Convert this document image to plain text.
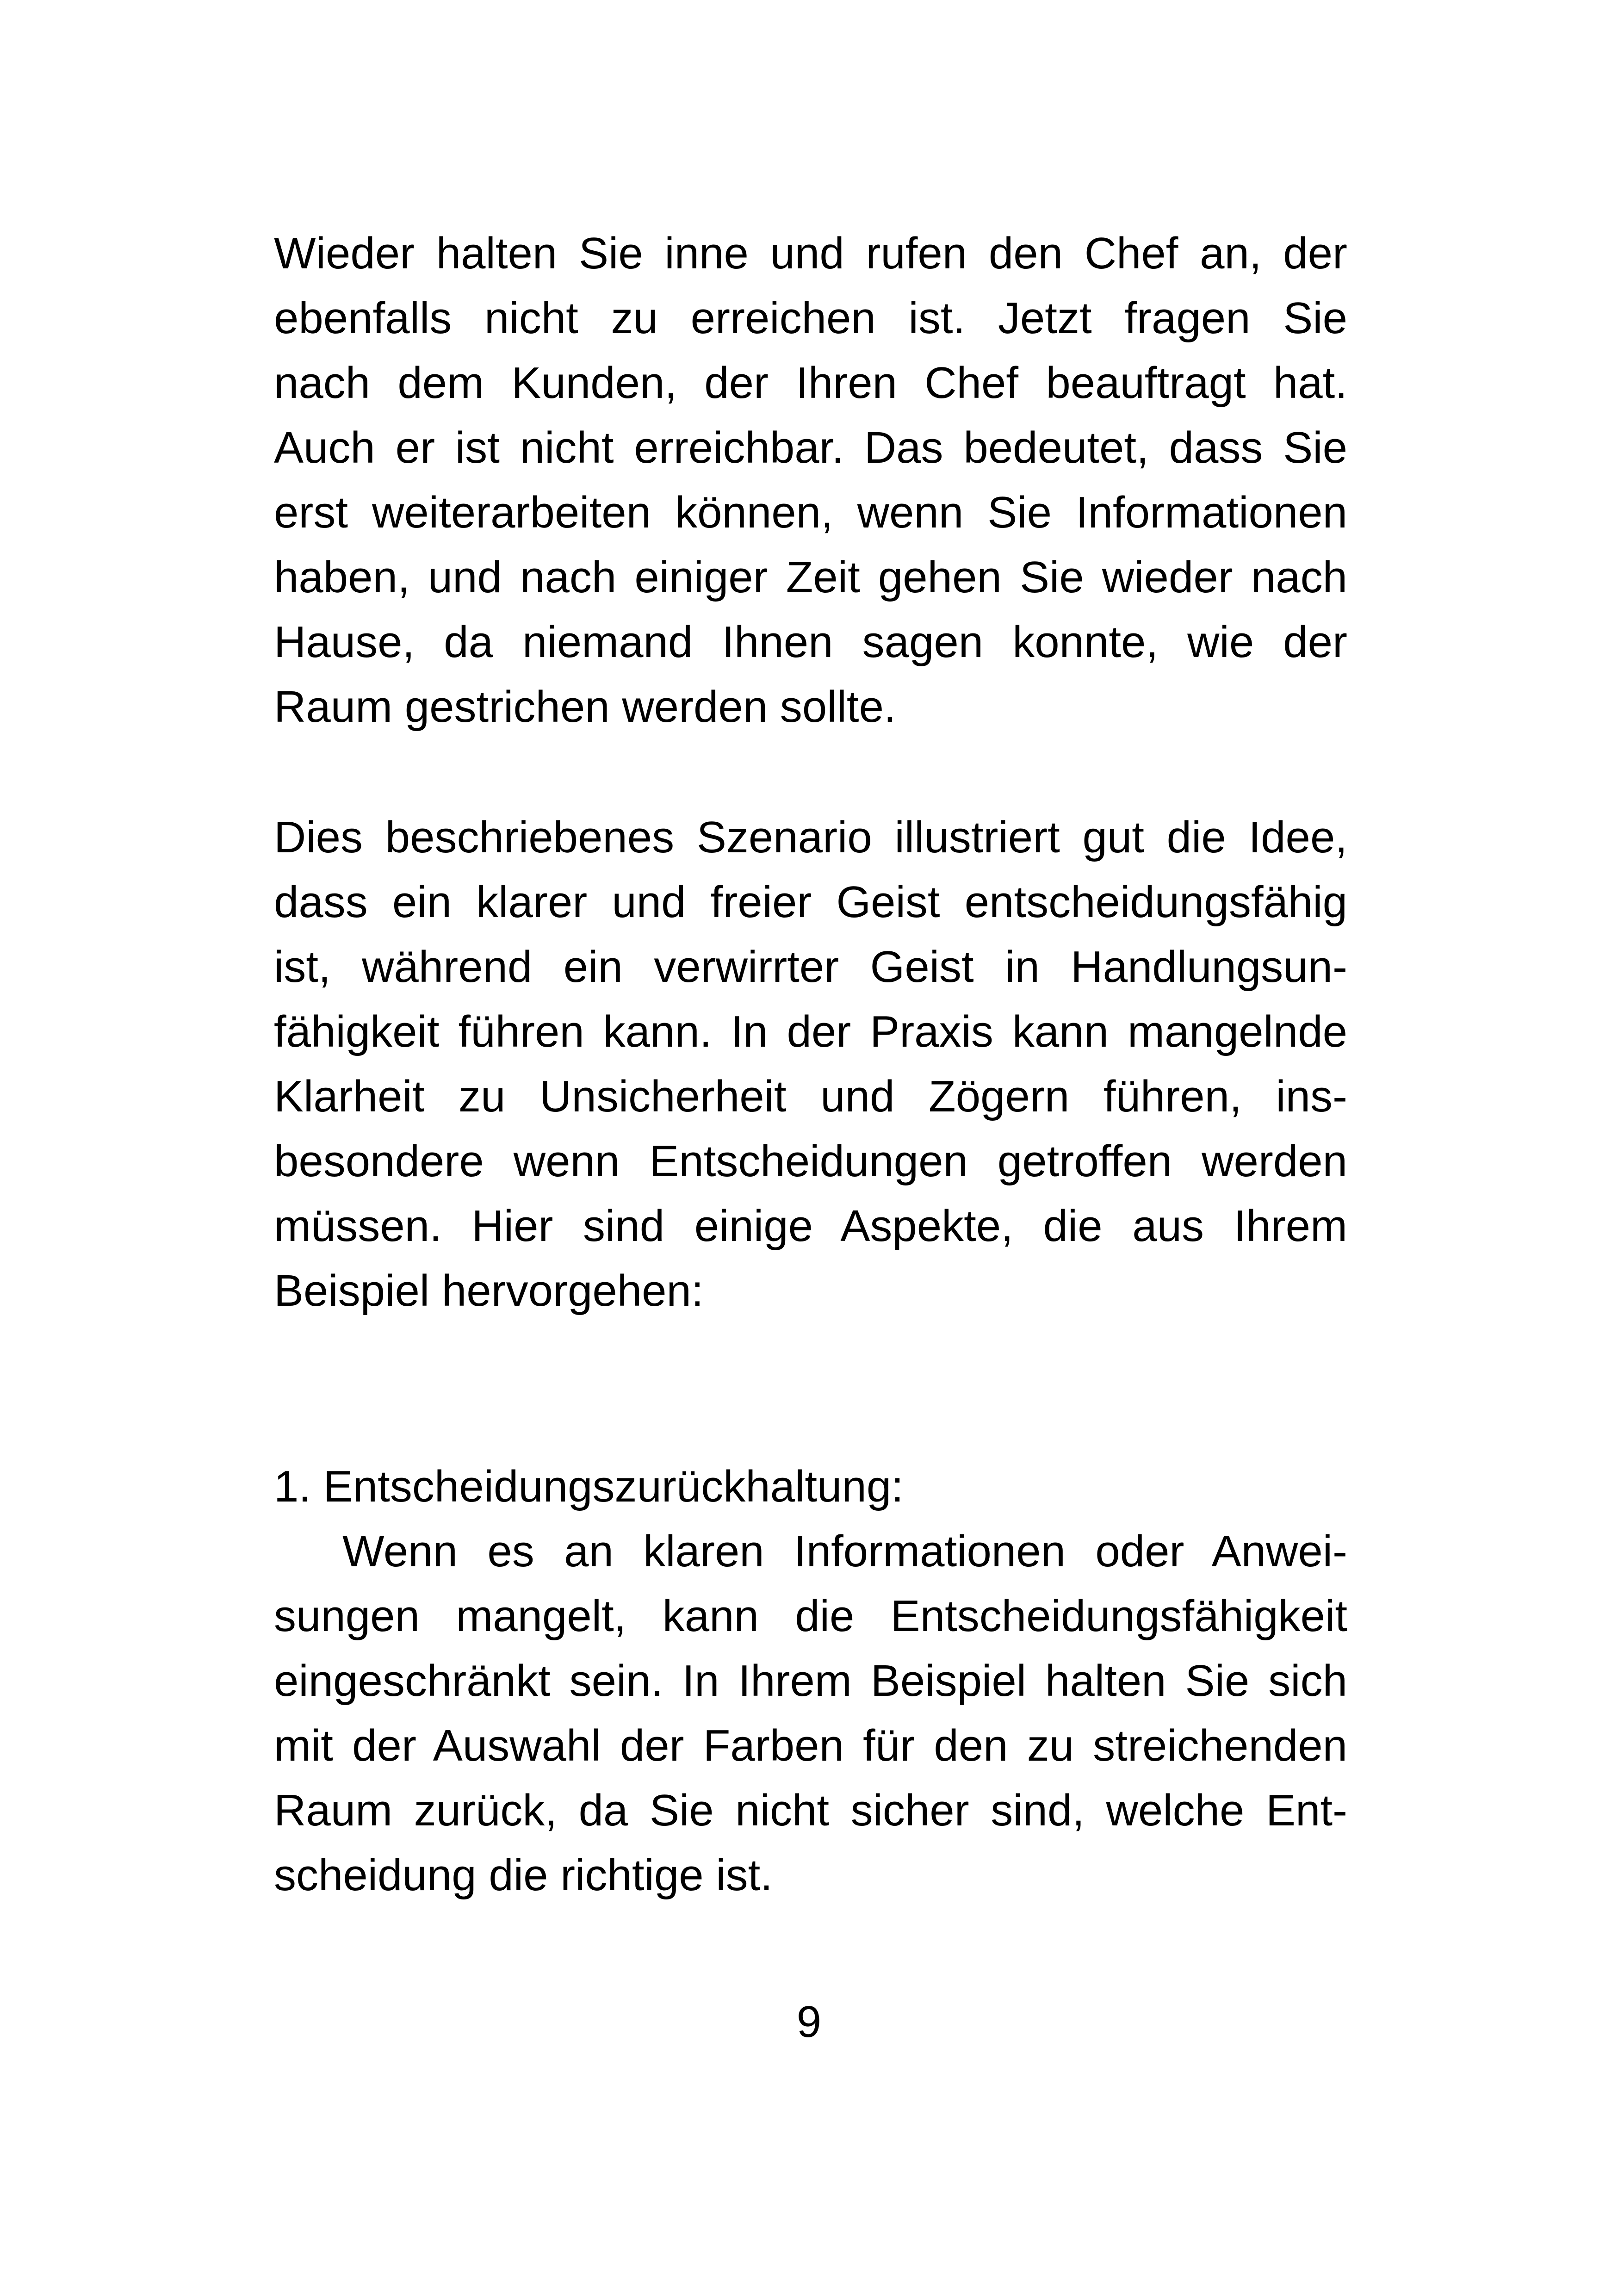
Wieder halten Sie inne und rufen den Chef an, der
ebenfalls nicht zu erreichen ist. Jetzt fragen Sie
nach dem Kunden, der Ihren Chef beauftragt hat.
Auch er ist nicht erreichbar. Das bedeutet, dass Sie
erst weiterarbeiten können, wenn Sie Informationen
haben, und nach einiger Zeit gehen Sie wieder nach
Hause, da niemand Ihnen sagen konnte, wie der
Raum gestrichen werden sollte.
Dies beschriebenes Szenario illustriert gut die Idee,
dass ein klarer und freier Geist entscheidungsfähig
ist, während ein verwirrter Geist in Handlungsun-
fähigkeit führen kann. In der Praxis kann mangelnde
Klarheit zu Unsicherheit und Zögern führen, ins-
besondere wenn Entscheidungen getroffen werden
müssen. Hier sind einige Aspekte, die aus Ihrem
Beispiel hervorgehen:
1. Entscheidungszurückhaltung:
Wenn es an klaren Informationen oder Anwei-
sungen mangelt, kann die Entscheidungsfähigkeit
eingeschränkt sein. In Ihrem Beispiel halten Sie sich
mit der Auswahl der Farben für den zu streichenden
Raum zurück, da Sie nicht sicher sind, welche Ent-
scheidung die richtige ist.
9
